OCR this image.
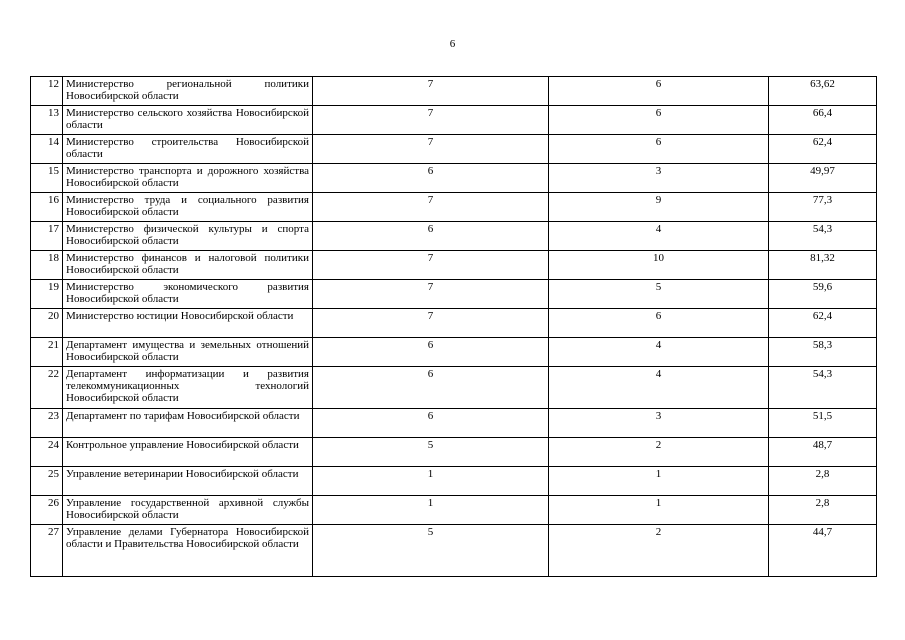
6
12	Министерство региональной политики Новосибирской области	7	6	63,62
13	Министерство сельского хозяйства Новосибирской области	7	6	66,4
14	Министерство строительства Новосибирской области	7	6	62,4
15	Министерство транспорта и дорожного хозяйства Новосибирской области	6	3	49,97
16	Министерство труда и социального развития Новосибирской области	7	9	77,3
17	Министерство физической культуры и спорта Новосибирской области	6	4	54,3
18	Министерство финансов и налоговой политики Новосибирской области	7	10	81,32
19	Министерство экономического развития Новосибирской области	7	5	59,6
20	Министерство юстиции Новосибирской области	7	6	62,4
21	Департамент имущества и земельных отношений Новосибирской области	6	4	58,3
22	Департамент информатизации и развития телекоммуникационных технологий Новосибирской области	6	4	54,3
23	Департамент по тарифам Новосибирской области	6	3	51,5
24	Контрольное управление Новосибирской области	5	2	48,7
25	Управление ветеринарии Новосибирской области	1	1	2,8
26	Управление государственной архивной службы Новосибирской области	1	1	2,8
27	Управление делами Губернатора Новосибирской области и Правительства Новосибирской области	5	2	44,7
